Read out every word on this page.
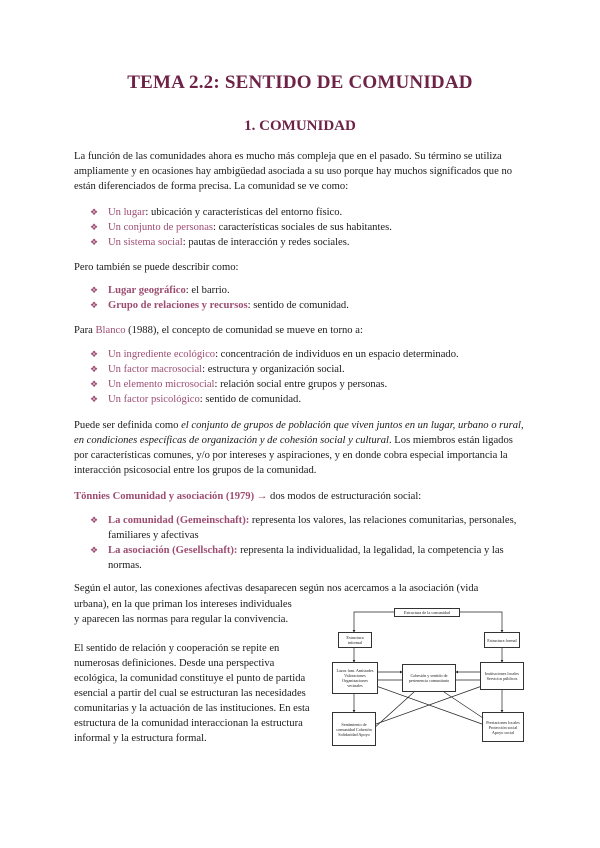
TEMA 2.2: SENTIDO DE COMUNIDAD
1. COMUNIDAD

La función de las comunidades ahora es mucho más compleja que en el pasado. Su término se utiliza ampliamente y en ocasiones hay ambigüedad asociada a su uso porque hay muchos significados que no están diferenciados de forma precisa. La comunidad se ve como:

❖ Un lugar: ubicación y características del entorno físico.
❖ Un conjunto de personas: características sociales de sus habitantes.
❖ Un sistema social: pautas de interacción y redes sociales.

Pero también se puede describir como:

❖ Lugar geográfico: el barrio.
❖ Grupo de relaciones y recursos: sentido de comunidad.

Para Blanco (1988), el concepto de comunidad se mueve en torno a:

❖ Un ingrediente ecológico: concentración de individuos en un espacio determinado.
❖ Un factor macrosocial: estructura y organización social.
❖ Un elemento microsocial: relación social entre grupos y personas.
❖ Un factor psicológico: sentido de comunidad.

Puede ser definida como el conjunto de grupos de población que viven juntos en un lugar, urbano o rural, en condiciones específicas de organización y de cohesión social y cultural. Los miembros están ligados por características comunes, y/o por intereses y aspiraciones, y en donde cobra especial importancia la interacción psicosocial entre los grupos de la comunidad.

Tönnies Comunidad y asociación (1979) → dos modos de estructuración social:

❖ La comunidad (Gemeinschaft): representa los valores, las relaciones comunitarias, personales, familiares y afectivas
❖ La asociación (Gesellschaft): representa la individualidad, la legalidad, la competencia y las normas.

Según el autor, las conexiones afectivas desaparecen según nos acercamos a la asociación (vida

urbana), en la que priman los intereses individuales

y aparecen las normas para regular la convivencia.

El sentido de relación y cooperación se repite en numerosas definiciones. Desde una perspectiva ecológica, la comunidad constituye el punto de partida esencial a partir del cual se estructuran las necesidades comunitarias y la actuación de las instituciones. En esta estructura de la comunidad interaccionan la estructura informal y la estructura formal.

Estructura de la comunidad
Estructura informal	Estructura formal
Lazos fam. Amistades Valoraciones Organizaciones vecinales
Cohesión y sentido de pertenencia comunitario
Instituciones locales Servicios públicos
Sentimiento de comunidad Cohesión Solidaridad Apoyo
Prestaciones locales Protección social Apoyo social
